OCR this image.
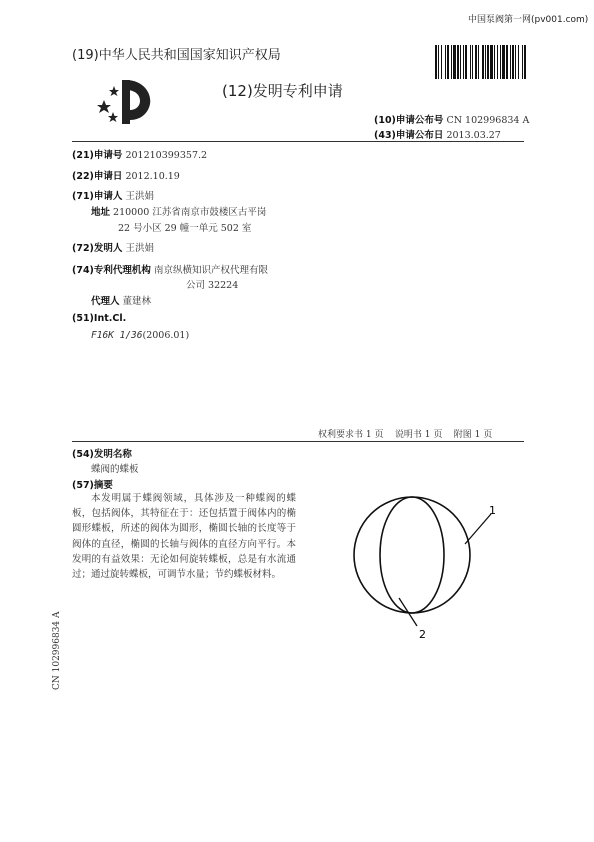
中国泵阀第一网(pv001.com)
(19)中华人民共和国国家知识产权局
(12)发明专利申请
(10)申请公布号 CN 102996834 A
(43)申请公布日 2013.03.27
(21)申请号 201210399357.2
(22)申请日 2012.10.19
(71)申请人 王洪娟
地址 210000 江苏省南京市鼓楼区古平岗
22 号小区 29 幢一单元 502 室
(72)发明人 王洪娟
(74)专利代理机构 南京纵横知识产权代理有限
公司 32224
代理人 董建林
(51)Int.Cl.
F16K 1/36(2006.01)
权利要求书 1 页    说明书 1 页    附图 1 页
(54)发明名称
蝶阀的蝶板
(57)摘要
本发明属于蝶阀领域，具体涉及一种蝶阀的蝶板，包括阀体，其特征在于：还包括置于阀体内的椭圆形蝶板，所述的阀体为圆形，椭圆长轴的长度等于阀体的直径，椭圆的长轴与阀体的直径方向平行。本发明的有益效果：无论如何旋转蝶板，总是有水流通过；通过旋转蝶板，可调节水量；节约蝶板材料。
1
2
CN 102996834 A
